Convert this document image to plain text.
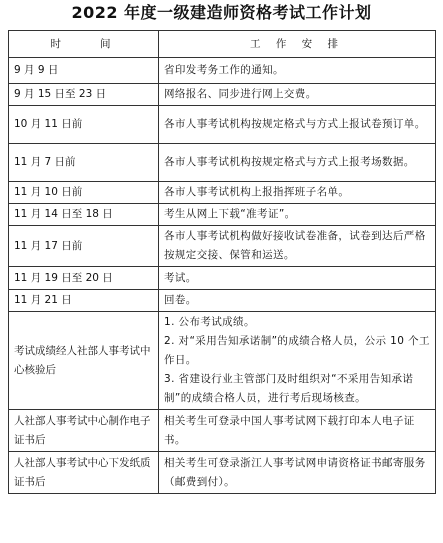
2022 年度一级建造师资格考试工作计划
时　　间	工 作 安 排
9 月 9 日	省印发考务工作的通知。

9 月 15 日至 23 日	网络报名、同步进行网上交费。

10 月 11 日前	各市人事考试机构按规定格式与方式上报试卷预订单。

11 月 7 日前	各市人事考试机构按规定格式与方式上报考场数据。

11 月 10 日前	各市人事考试机构上报指挥班子名单。

11 月 14 日至 18 日	考生从网上下载“准考证”。

11 月 17 日前	各市人事考试机构做好接收试卷准备，试卷到达后严格按规定交接、保管和运送。

11 月 19 日至 20 日	考试。

11 月 21 日	回卷。

考试成绩经人社部人事考试中心核验后	1. 公布考试成绩。
2. 对“采用告知承诺制”的成绩合格人员，公示 10 个工作日。
3. 省建设行业主管部门及时组织对“不采用告知承诺制”的成绩合格人员，进行考后现场核查。

人社部人事考试中心制作电子证书后	相关考生可登录中国人事考试网下载打印本人电子证书。

人社部人事考试中心下发纸质证书后	相关考生可登录浙江人事考试网申请资格证书邮寄服务（邮费到付）。
